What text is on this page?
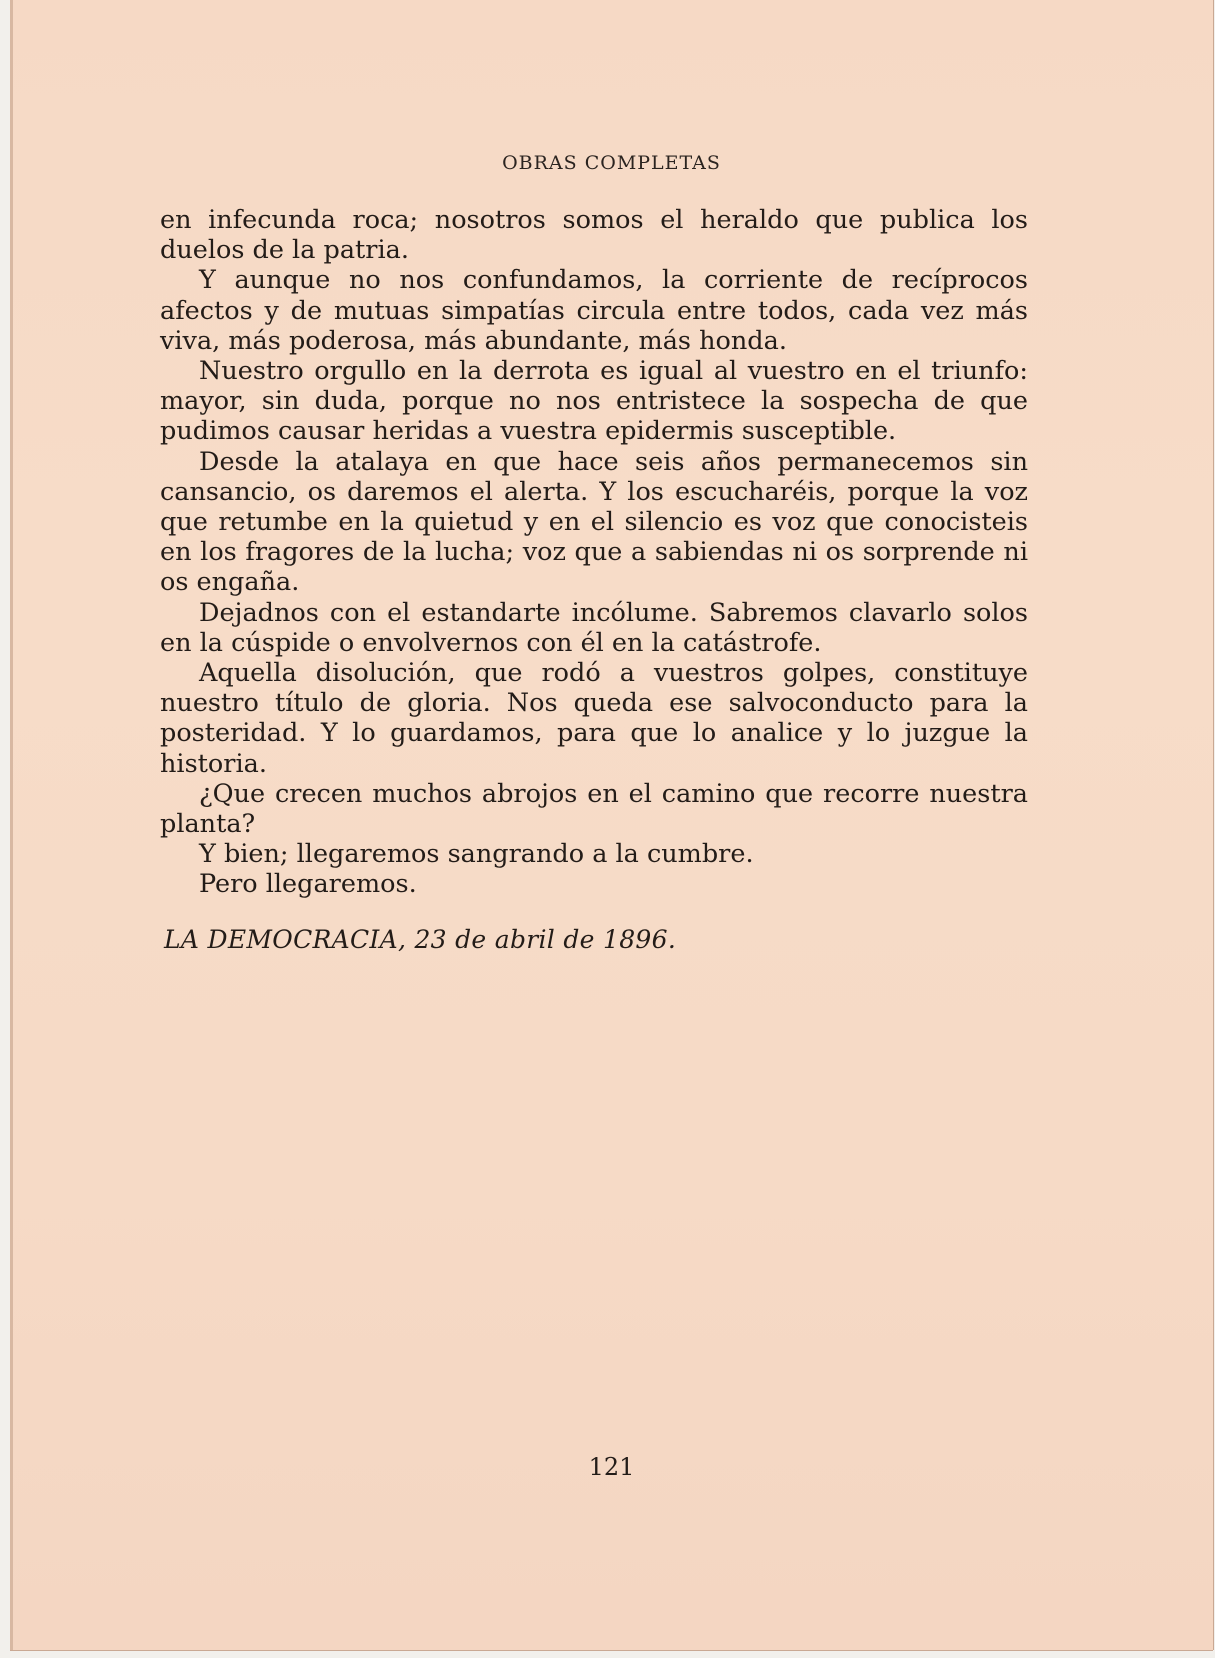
OBRAS COMPLETAS

en infecunda roca; nosotros somos el heraldo que publica los duelos de la patria.

Y aunque no nos confundamos, la corriente de recíprocos afectos y de mutuas simpatías circula entre todos, cada vez más viva, más poderosa, más abundante, más honda.

Nuestro orgullo en la derrota es igual al vuestro en el triunfo: mayor, sin duda, porque no nos entristece la sospecha de que pudimos causar heridas a vuestra epidermis susceptible.

Desde la atalaya en que hace seis años permanecemos sin cansancio, os daremos el alerta. Y los escucharéis, porque la voz que retumbe en la quietud y en el silencio es voz que conocisteis en los fragores de la lucha; voz que a sabiendas ni os sorprende ni os engaña.

Dejadnos con el estandarte incólume. Sabremos clavarlo solos en la cúspide o envolvernos con él en la catástrofe.

Aquella disolución, que rodó a vuestros golpes, constituye nuestro título de gloria. Nos queda ese salvoconducto para la posteridad. Y lo guardamos, para que lo analice y lo juzgue la historia.

¿Que crecen muchos abrojos en el camino que recorre nuestra planta?

Y bien; llegaremos sangrando a la cumbre.

Pero llegaremos.

LA DEMOCRACIA, 23 de abril de 1896.
121
